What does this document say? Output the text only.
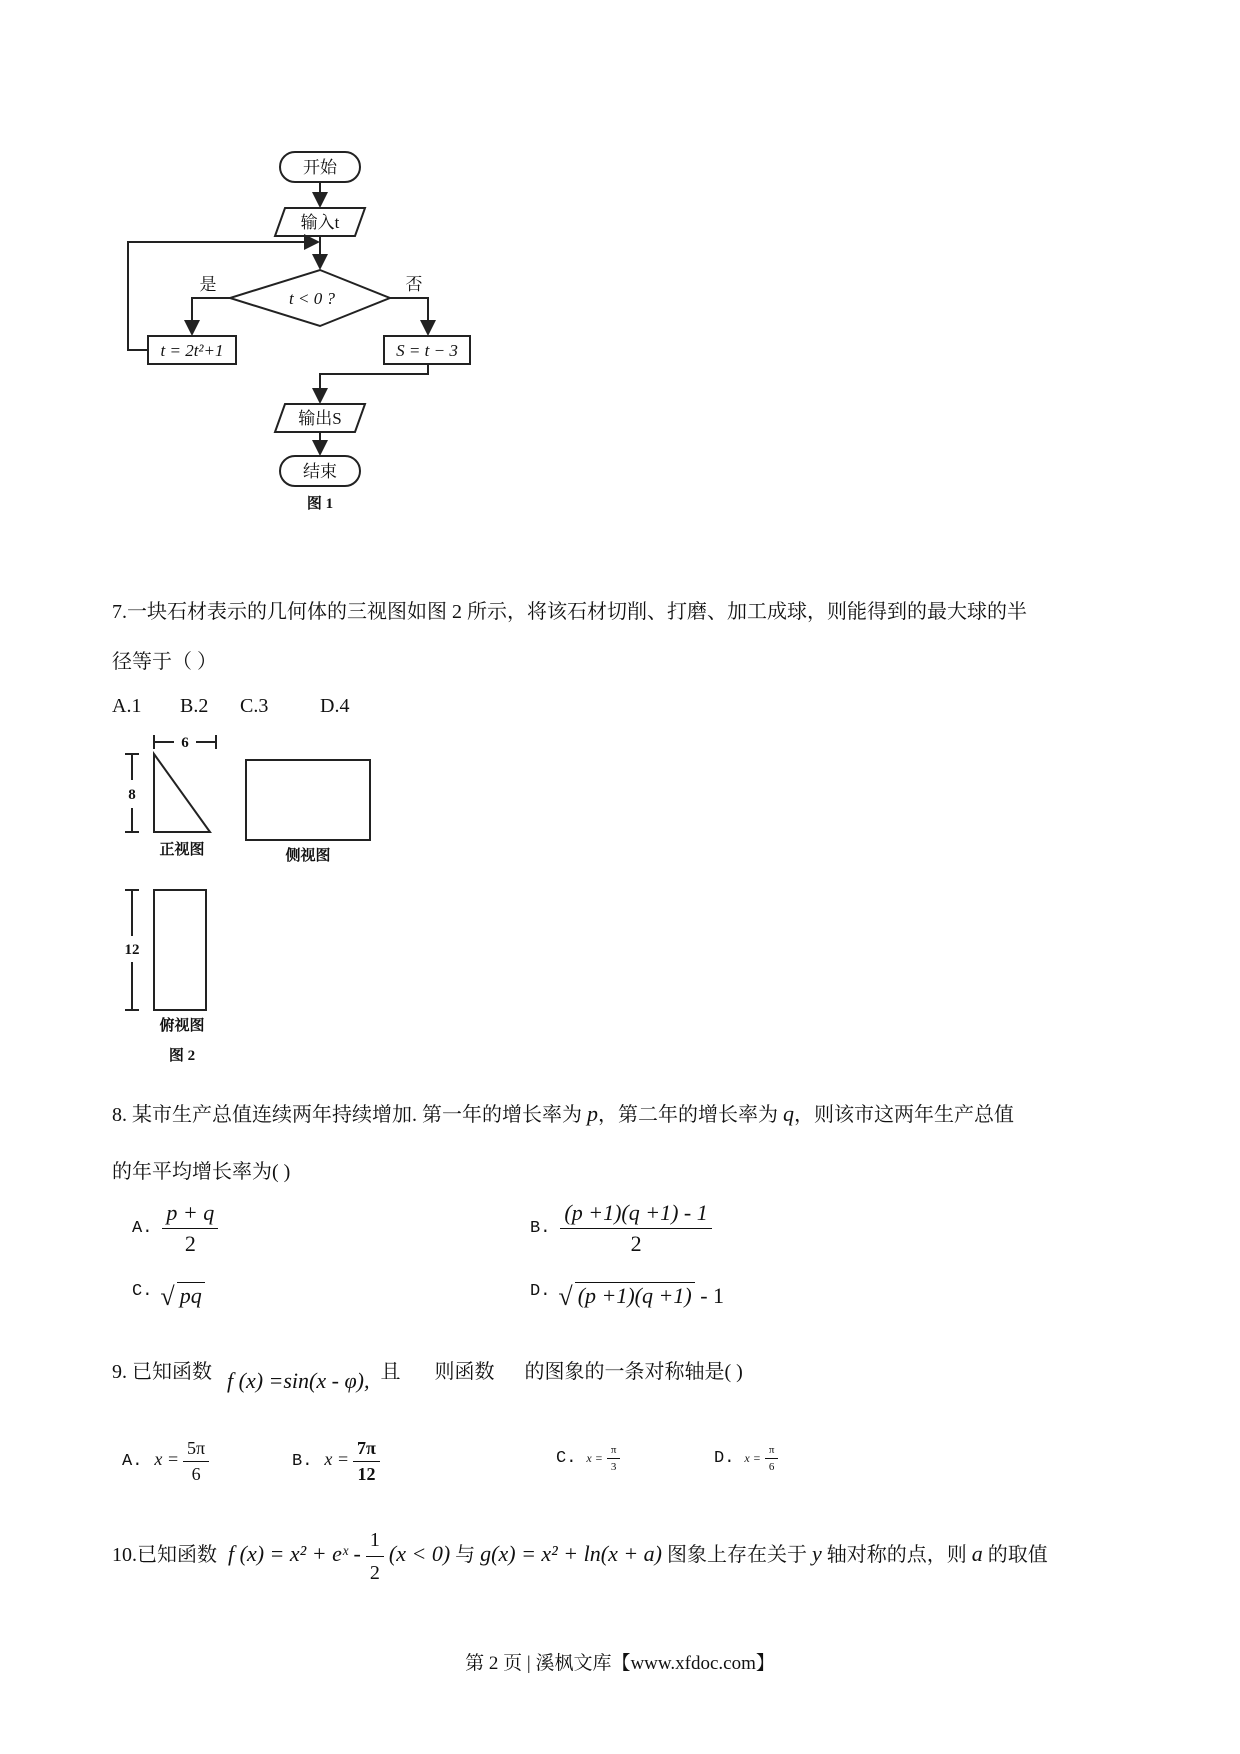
开始
输入t
t < 0 ?
是	否
t = 2t²+1	S = t − 3
输出S
结束
图 1
7.一块石材表示的几何体的三视图如图 2 所示，将该石材切削、打磨、加工成球，则能得到的最大球的半
径等于（ ）
A.1 B.2 C.3	D.4
6
8
12
正视图	侧视图
俯视图
图 2
8. 某市生产总值连续两年持续增加. 第一年的增长率为 p，第二年的增长率为 q，则该市这两年生产总值
的年平均增长率为( )
A. $\frac{p + q}{2}$	B. $\frac{(p +1)(q +1) - 1}{2}$
C. √ pq	D. √ (p +1)(q +1) - 1
9. 已知函数 f (x) =sin(x - φ), 且 则函数 的图象的一条对称轴是( )
A. $x = \frac{5\pi}{6}$	B. $x = \frac{7\pi}{12}$	C. $x = \frac{\pi}{3}$	D. $x = \frac{\pi}{6}$
10.已知函数 f (x) = x² + eˣ - $\frac{1}{2} (x < 0)$ 与 g(x) = x² + ln(x + a) 图象上存在关于 y 轴对称的点，则 a 的取值
第 2 页 | 溪枫文库【www.xfdoc.com】
